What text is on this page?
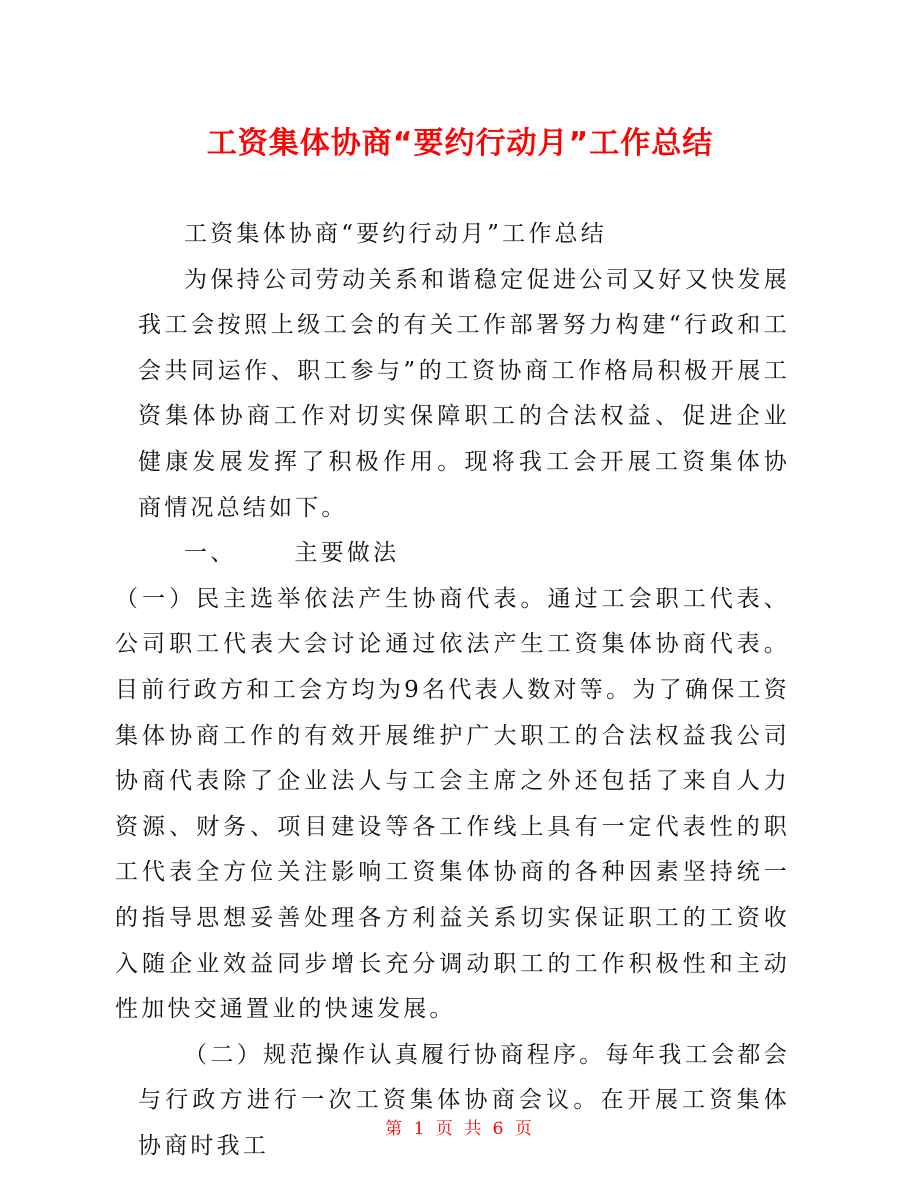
工资集体协商“要约行动月”工作总结

工资集体协商“要约行动月”工作总结

为保持公司劳动关系和谐稳定促进公司又好又快发展我工会按照上级工会的有关工作部署努力构建“行政和工会共同运作、职工参与”的工资协商工作格局积极开展工资集体协商工作对切实保障职工的合法权益、促进企业健康发展发挥了积极作用。现将我工会开展工资集体协商情况总结如下。

一、	主要做法

（一）民主选举依法产生协商代表。通过工会职工代表、公司职工代表大会讨论通过依法产生工资集体协商代表。目前行政方和工会方均为9名代表人数对等。为了确保工资集体协商工作的有效开展维护广大职工的合法权益我公司协商代表除了企业法人与工会主席之外还包括了来自人力资源、财务、项目建设等各工作线上具有一定代表性的职工代表全方位关注影响工资集体协商的各种因素坚持统一的指导思想妥善处理各方利益关系切实保证职工的工资收入随企业效益同步增长充分调动职工的工作积极性和主动性加快交通置业的快速发展。

（二）规范操作认真履行协商程序。每年我工会都会与行政方进行一次工资集体协商会议。在开展工资集体协商时我工

第 1 页 共 6 页
